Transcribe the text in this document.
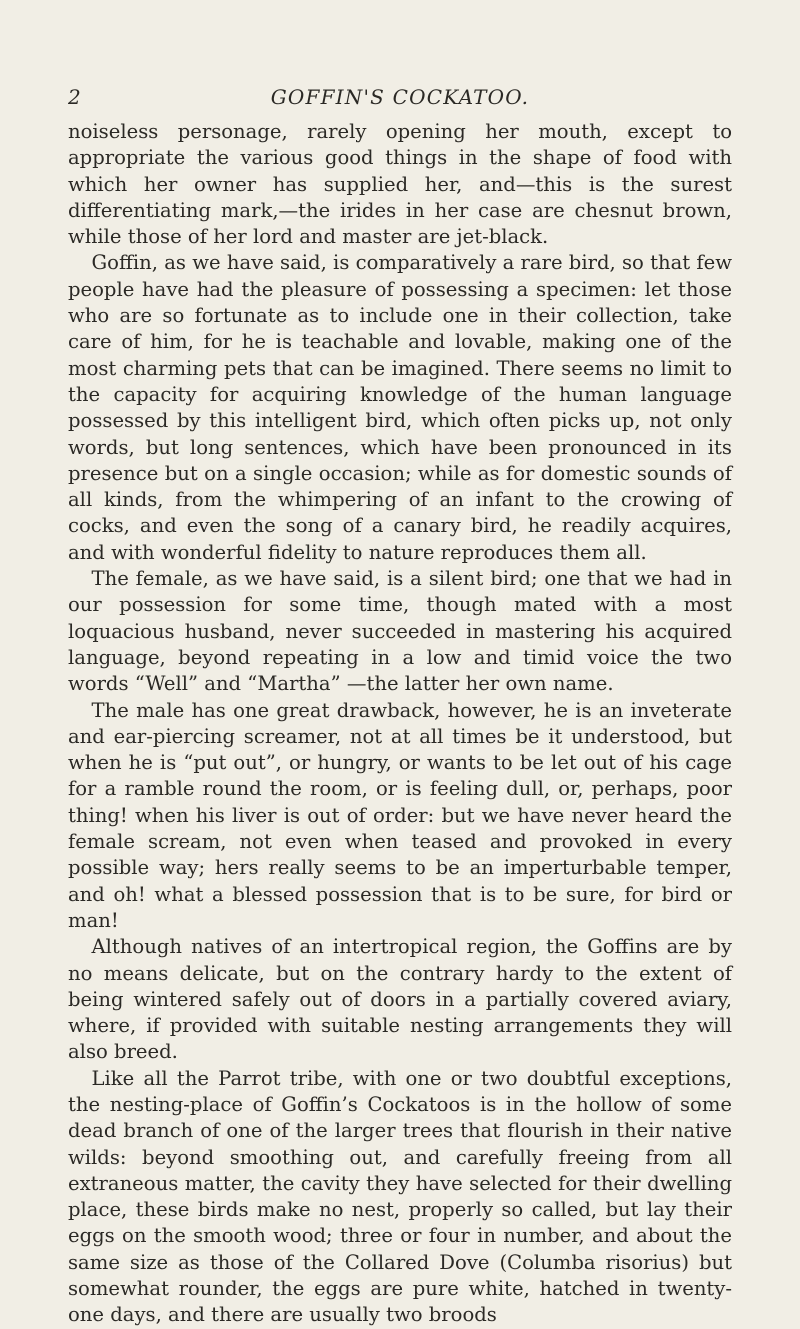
2	GOFFIN'S COCKATOO.

noiseless personage, rarely opening her mouth, except to appropriate the various good things in the shape of food with which her owner has supplied her, and—this is the surest differentiating mark,—the irides in her case are chesnut brown, while those of her lord and master are jet-black.

Goffin, as we have said, is comparatively a rare bird, so that few people have had the pleasure of possessing a specimen: let those who are so fortunate as to include one in their collection, take care of him, for he is teachable and lovable, making one of the most charming pets that can be imagined. There seems no limit to the capacity for acquiring knowledge of the human language possessed by this intelligent bird, which often picks up, not only words, but long sentences, which have been pronounced in its presence but on a single occasion; while as for domestic sounds of all kinds, from the whimpering of an infant to the crowing of cocks, and even the song of a canary bird, he readily acquires, and with wonderful fidelity to nature reproduces them all.

The female, as we have said, is a silent bird; one that we had in our possession for some time, though mated with a most loquacious husband, never succeeded in mastering his acquired language, beyond repeating in a low and timid voice the two words “Well” and “Martha” —the latter her own name.

The male has one great drawback, however, he is an inveterate and ear-piercing screamer, not at all times be it understood, but when he is “put out”, or hungry, or wants to be let out of his cage for a ramble round the room, or is feeling dull, or, perhaps, poor thing! when his liver is out of order: but we have never heard the female scream, not even when teased and provoked in every possible way; hers really seems to be an imperturbable temper, and oh! what a blessed possession that is to be sure, for bird or man!

Although natives of an intertropical region, the Goffins are by no means delicate, but on the contrary hardy to the extent of being wintered safely out of doors in a partially covered aviary, where, if provided with suitable nesting arrangements they will also breed.

Like all the Parrot tribe, with one or two doubtful exceptions, the nesting-place of Goffin’s Cockatoos is in the hollow of some dead branch of one of the larger trees that flourish in their native wilds: beyond smoothing out, and carefully freeing from all extraneous matter, the cavity they have selected for their dwelling place, these birds make no nest, properly so called, but lay their eggs on the smooth wood; three or four in number, and about the same size as those of the Collared Dove (Columba risorius) but somewhat rounder, the eggs are pure white, hatched in twenty-one days, and there are usually two broods
